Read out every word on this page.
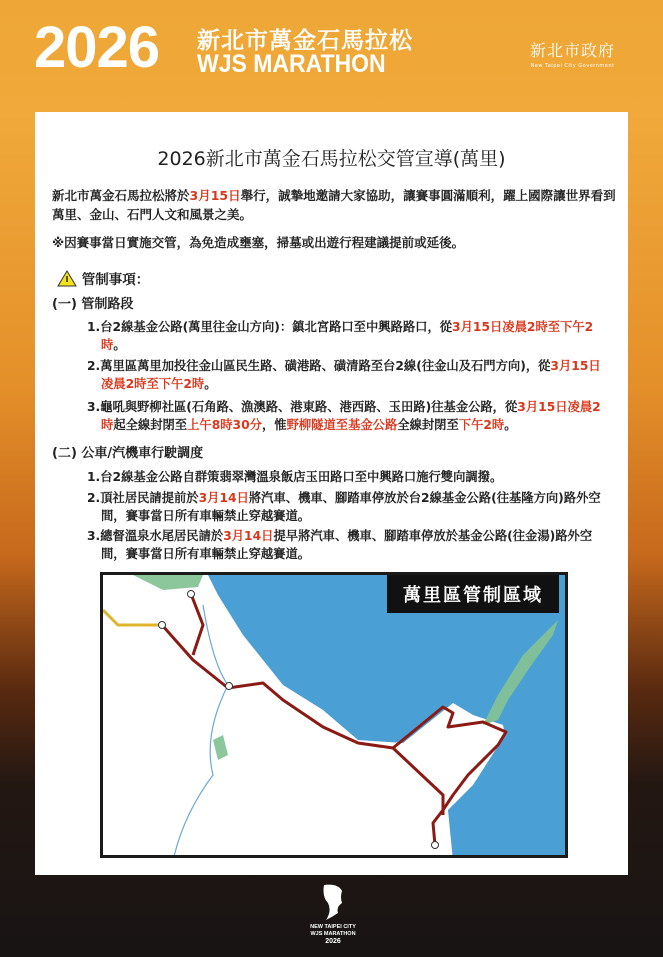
2026 新北市萬金石馬拉松
WJS MARATHON	新北市政府
New Taipei City Government
2026新北市萬金石馬拉松交管宣導(萬里)
新北市萬金石馬拉松將於3月15日舉行，誠摯地邀請大家協助，讓賽事圓滿順利，躍上國際讓世界看到萬里、金山、石門人文和風景之美。
※因賽事當日實施交管，為免造成壅塞，掃墓或出遊行程建議提前或延後。
管制事項：
(一) 管制路段
1.台2線基金公路(萬里往金山方向)：鎮北宮路口至中興路路口，從3月15日凌晨2時至下午2時。
2.萬里區萬里加投往金山區民生路、磺港路、磺清路至台2線(往金山及石門方向)，從3月15日凌晨2時至下午2時。
3.龜吼與野柳社區(石角路、漁澳路、港東路、港西路、玉田路)往基金公路，從3月15日凌晨2時起全線封閉至上午8時30分，惟野柳隧道至基金公路全線封閉至下午2時。
(二) 公車/汽機車行駛調度
1.台2線基金公路自群策翡翠灣溫泉飯店玉田路口至中興路口施行雙向調撥。
2.頂社居民請提前於3月14日將汽車、機車、腳踏車停放於台2線基金公路(往基隆方向)路外空間，賽事當日所有車輛禁止穿越賽道。
3.總督溫泉水尾居民請於3月14日提早將汽車、機車、腳踏車停放於基金公路(往金湯)路外空間，賽事當日所有車輛禁止穿越賽道。
萬里區管制區域
NEW TAIPEI CITY
WJS MARATHON
2026
